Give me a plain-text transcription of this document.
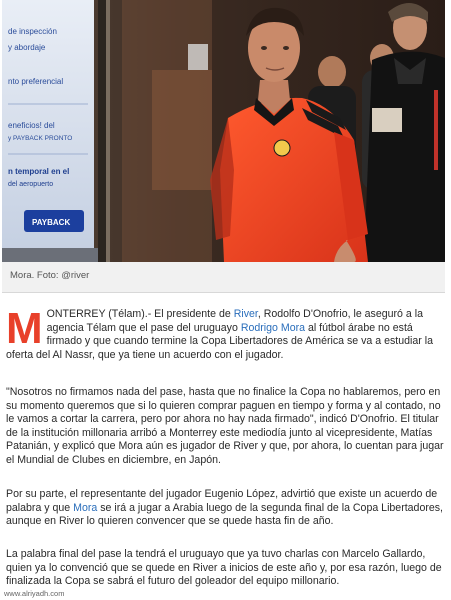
de inspección
y abordaje
nto preferencial
eneficios! del
y PAYBACK PRONTO
n temporal en el
del aeropuerto
PAYBACK
Mora. Foto: @river

MONTERREY (Télam).- El presidente de River, Rodolfo D'Onofrio, le aseguró a la agencia Télam que el pase del uruguayo Rodrigo Mora al fútbol árabe no está firmado y que cuando termine la Copa Libertadores de América se va a estudiar la oferta del Al Nassr, que ya tiene un acuerdo con el jugador.

"Nosotros no firmamos nada del pase, hasta que no finalice la Copa no hablaremos, pero en su momento queremos que si lo quieren comprar paguen en tiempo y forma y al contado, no le vamos a cortar la carrera, pero por ahora no hay nada firmado", indicó D'Onofrio. El titular de la institución millonaria arribó a Monterrey este mediodía junto al vicepresidente, Matías Patanián, y explicó que Mora aún es jugador de River y que, por ahora, lo cuentan para jugar el Mundial de Clubes en diciembre, en Japón.

Por su parte, el representante del jugador Eugenio López, advirtió que existe un acuerdo de palabra y que Mora se irá a jugar a Arabia luego de la segunda final de la Copa Libertadores, aunque en River lo quieren convencer que se quede hasta fin de año.

La palabra final del pase la tendrá el uruguayo que ya tuvo charlas con Marcelo Gallardo, quien ya lo convenció que se quede en River a inicios de este año y, por esa razón, luego de finalizada la Copa se sabrá el futuro del goleador del equipo millonario.

www.alriyadh.com
